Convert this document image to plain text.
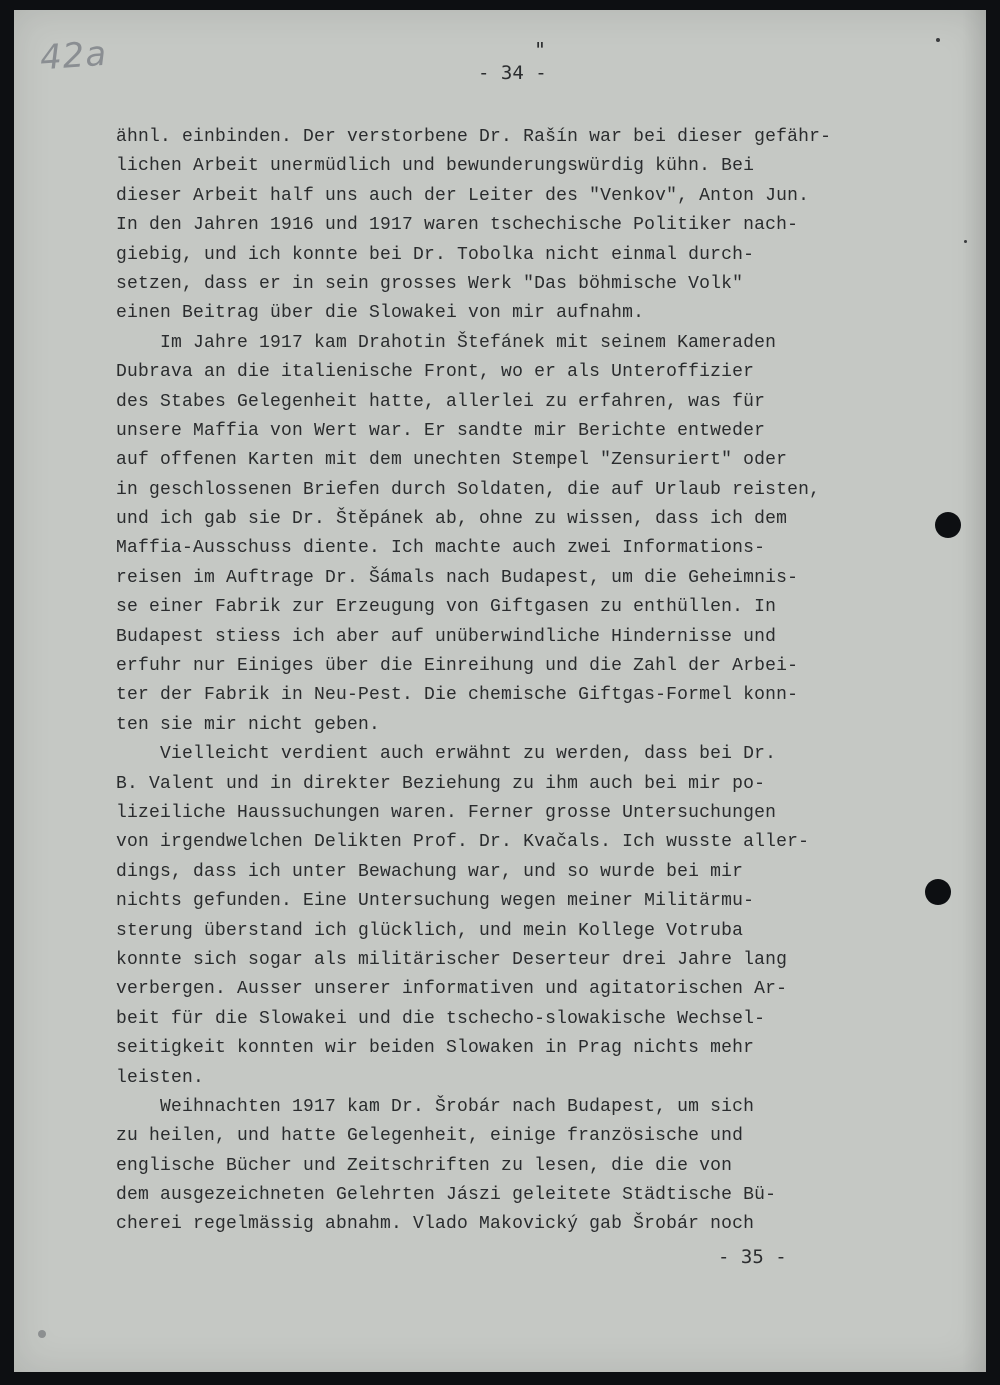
42a	"
- 34 -
ähnl. einbinden. Der verstorbene Dr. Rašín war bei dieser gefähr-
lichen Arbeit unermüdlich und bewunderungswürdig kühn. Bei
dieser Arbeit half uns auch der Leiter des "Venkov", Anton Jun.
In den Jahren 1916 und 1917 waren tschechische Politiker nach-
giebig, und ich konnte bei Dr. Tobolka nicht einmal durch-
setzen, dass er in sein grosses Werk "Das böhmische Volk"
einen Beitrag über die Slowakei von mir aufnahm.
Im Jahre 1917 kam Drahotin Štefánek mit seinem Kameraden
Dubrava an die italienische Front, wo er als Unteroffizier
des Stabes Gelegenheit hatte, allerlei zu erfahren, was für
unsere Maffia von Wert war. Er sandte mir Berichte entweder
auf offenen Karten mit dem unechten Stempel "Zensuriert" oder
in geschlossenen Briefen durch Soldaten, die auf Urlaub reisten,
und ich gab sie Dr. Štěpánek ab, ohne zu wissen, dass ich dem
Maffia-Ausschuss diente. Ich machte auch zwei Informations-
reisen im Auftrage Dr. Šámals nach Budapest, um die Geheimnis-
se einer Fabrik zur Erzeugung von Giftgasen zu enthüllen. In
Budapest stiess ich aber auf unüberwindliche Hindernisse und
erfuhr nur Einiges über die Einreihung und die Zahl der Arbei-
ter der Fabrik in Neu-Pest. Die chemische Giftgas-Formel konn-
ten sie mir nicht geben.
Vielleicht verdient auch erwähnt zu werden, dass bei Dr.
B. Valent und in direkter Beziehung zu ihm auch bei mir po-
lizeiliche Haussuchungen waren. Ferner grosse Untersuchungen
von irgendwelchen Delikten Prof. Dr. Kvačals. Ich wusste aller-
dings, dass ich unter Bewachung war, und so wurde bei mir
nichts gefunden. Eine Untersuchung wegen meiner Militärmu-
sterung überstand ich glücklich, und mein Kollege Votruba
konnte sich sogar als militärischer Deserteur drei Jahre lang
verbergen. Ausser unserer informativen und agitatorischen Ar-
beit für die Slowakei und die tschecho-slowakische Wechsel-
seitigkeit konnten wir beiden Slowaken in Prag nichts mehr
leisten.
Weihnachten 1917 kam Dr. Šrobár nach Budapest, um sich
zu heilen, und hatte Gelegenheit, einige französische und
englische Bücher und Zeitschriften zu lesen, die die von
dem ausgezeichneten Gelehrten Jászi geleitete Städtische Bü-
cherei regelmässig abnahm. Vlado Makovický gab Šrobár noch
- 35 -
